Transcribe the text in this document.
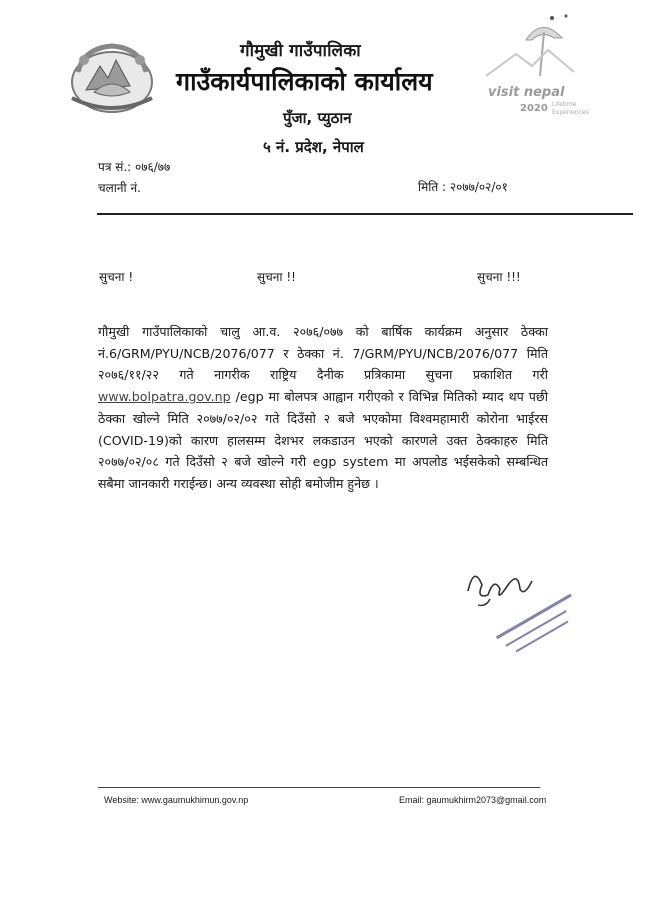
गौमुखी गाउँपालिका
गाउँकार्यपालिकाको कार्यालय
पुँजा, प्युठान
५ नं. प्रदेश, नेपाल
visit nepal
2020 Lifetime
Experiences
पत्र सं.: ०७६/७७
चलानी नं.	मिति : २०७७/०२/०१
सुचना !	सुचना !!	सुचना !!!
गौमुखी गाउँपालिकाको चालु आ.व. २०७६/०७७ को बार्षिक कार्यक्रम अनुसार ठेक्का नं.6/GRM/PYU/NCB/2076/077 र ठेक्का नं. 7/GRM/PYU/NCB/2076/077 मिति २०७६/११/२२ गते नागरीक राष्ट्रिय दैनीक प्रत्रिकामा सुचना प्रकाशित गरी www.bolpatra.gov.np /egp मा बोलपत्र आह्वान गरीएको र विभिन्न मितिको म्याद थप पछी ठेक्का खोल्ने मिति २०७७/०२/०२ गते दिउँसो २ बजे भएकोमा विश्वमहामारी कोरोना भाईरस (COVID-19)को कारण हालसम्म देशभर लकडाउन भएको कारणले उक्त ठेक्काहरु मिति २०७७/०२/०८ गते दिउँसो २ बजे खोल्ने गरी egp system मा अपलोड भईसकेको सम्बन्धित सबैमा जानकारी गराईन्छ। अन्य व्यवस्था सोही बमोजीम हुनेछ ।
Website: www.gaumukhimun.gov.np	Email: gaumukhirm2073@gmail.com
